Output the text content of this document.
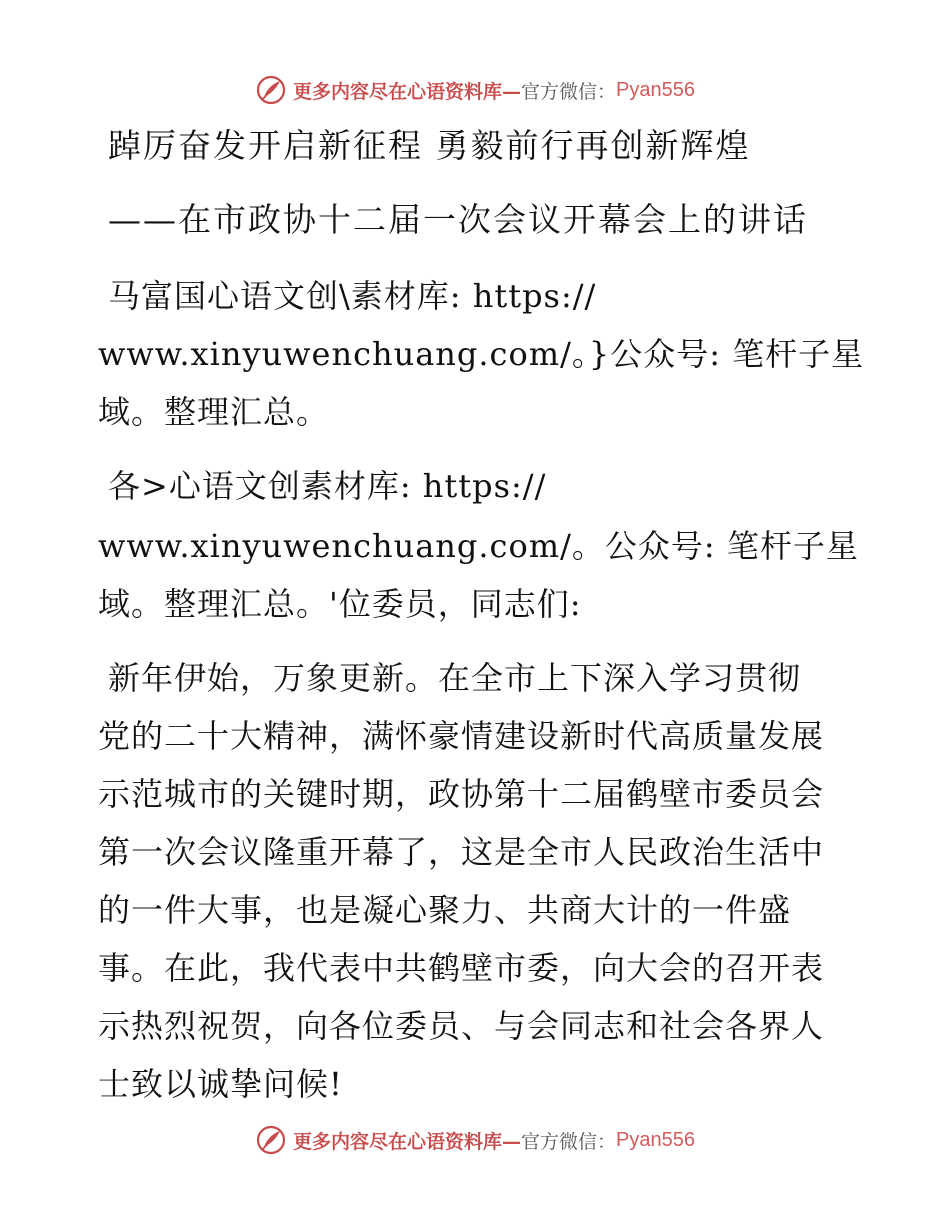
更多内容尽在心语资料库— 官方微信： Pyan556
踔厉奋发开启新征程 勇毅前行再创新辉煌
——在市政协十二届一次会议开幕会上的讲话
马富国心语文创\素材库: https://
www.xinyuwenchuang.com/。}公众号: 笔杆子星
域。整理汇总。
各>心语文创素材库: https://
www.xinyuwenchuang.com/。公众号: 笔杆子星
域。整理汇总。'位委员，同志们:
新年伊始，万象更新。在全市上下深入学习贯彻
党的二十大精神，满怀豪情建设新时代高质量发展
示范城市的关键时期，政协第十二届鹤壁市委员会
第一次会议隆重开幕了，这是全市人民政治生活中
的一件大事，也是凝心聚力、共商大计的一件盛
事。在此，我代表中共鹤壁市委，向大会的召开表
示热烈祝贺，向各位委员、与会同志和社会各界人
士致以诚挚问候!
更多内容尽在心语资料库— 官方微信： Pyan556
